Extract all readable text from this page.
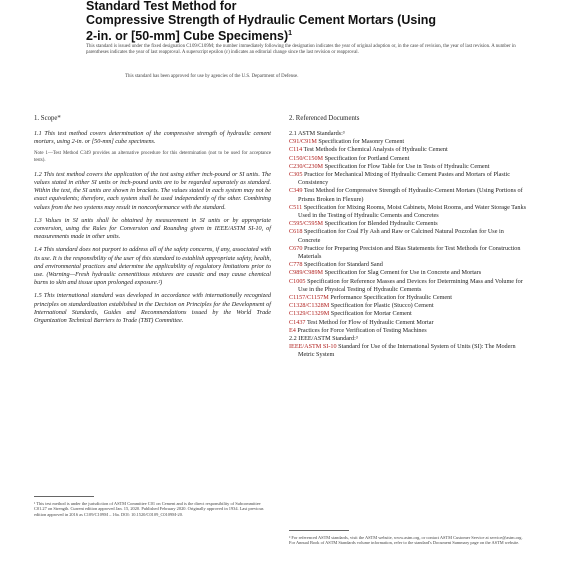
Standard Test Method for
Compressive Strength of Hydraulic Cement Mortars (Using
2-in. or [50-mm] Cube Specimens)$^1$

This standard is issued under the fixed designation C109/C109M; the number immediately following the designation indicates the year of original adoption or, in the case of revision, the year of last revision. A number in parentheses indicates the year of last reapproval. A superscript epsilon (ε) indicates an editorial change since the last revision or reapproval.

This standard has been approved for use by agencies of the U.S. Department of Defense.

1. Scope*

1.1 This test method covers determination of the compressive strength of hydraulic cement mortars, using 2-in. or [50-mm] cube specimens.

Note 1—Test Method C349 provides an alternative procedure for this determination (not to be used for acceptance tests).

1.2 This test method covers the application of the test using either inch-pound or SI units. The values stated in either SI units or inch-pound units are to be regarded separately as standard. Within the text, the SI units are shown in brackets. The values stated in each system may not be exact equivalents; therefore, each system shall be used independently of the other. Combining values from the two systems may result in nonconformance with the standard.

1.3 Values in SI units shall be obtained by measurement in SI units or by appropriate conversion, using the Rules for Conversion and Rounding given in IEEE/ASTM SI-10, of measurements made in other units.

1.4 This standard does not purport to address all of the safety concerns, if any, associated with its use. It is the responsibility of the user of this standard to establish appropriate safety, health, and environmental practices and determine the applicability of regulatory limitations prior to use. (Warning—Fresh hydraulic cementitious mixtures are caustic and may cause chemical burns to skin and tissue upon prolonged exposure.²)

1.5 This international standard was developed in accordance with internationally recognized principles on standardization established in the Decision on Principles for the Development of International Standards, Guides and Recommendations issued by the World Trade Organization Technical Barriers to Trade (TBT) Committee.

2. Referenced Documents

2.1 ASTM Standards:³

C91/C91M Specification for Masonry Cement

C114 Test Methods for Chemical Analysis of Hydraulic Cement

C150/C150M Specification for Portland Cement

C230/C230M Specification for Flow Table for Use in Tests of Hydraulic Cement

C305 Practice for Mechanical Mixing of Hydraulic Cement Pastes and Mortars of Plastic Consistency

C349 Test Method for Compressive Strength of Hydraulic-Cement Mortars (Using Portions of Prisms Broken in Flexure)

C511 Specification for Mixing Rooms, Moist Cabinets, Moist Rooms, and Water Storage Tanks Used in the Testing of Hydraulic Cements and Concretes

C595/C595M Specification for Blended Hydraulic Cements

C618 Specification for Coal Fly Ash and Raw or Calcined Natural Pozzolan for Use in Concrete

C670 Practice for Preparing Precision and Bias Statements for Test Methods for Construction Materials

C778 Specification for Standard Sand

C989/C989M Specification for Slag Cement for Use in Concrete and Mortars

C1005 Specification for Reference Masses and Devices for Determining Mass and Volume for Use in the Physical Testing of Hydraulic Cements

C1157/C1157M Performance Specification for Hydraulic Cement

C1328/C1328M Specification for Plastic (Stucco) Cement

C1329/C1329M Specification for Mortar Cement

C1437 Test Method for Flow of Hydraulic Cement Mortar

E4 Practices for Force Verification of Testing Machines

2.2 IEEE/ASTM Standard:³

IEEE/ASTM SI-10 Standard for Use of the International System of Units (SI): The Modern Metric System

¹ This test method is under the jurisdiction of ASTM Committee C01 on Cement and is the direct responsibility of Subcommittee C01.27 on Strength. Current edition approved Jan. 15, 2020. Published February 2020. Originally approved in 1934. Last previous edition approved in 2016 as C109/C109M – 16a. DOI: 10.1520/C0109_C0109M-20.

³ For referenced ASTM standards, visit the ASTM website, www.astm.org, or contact ASTM Customer Service at service@astm.org. For Annual Book of ASTM Standards volume information, refer to the standard's Document Summary page on the ASTM website.
